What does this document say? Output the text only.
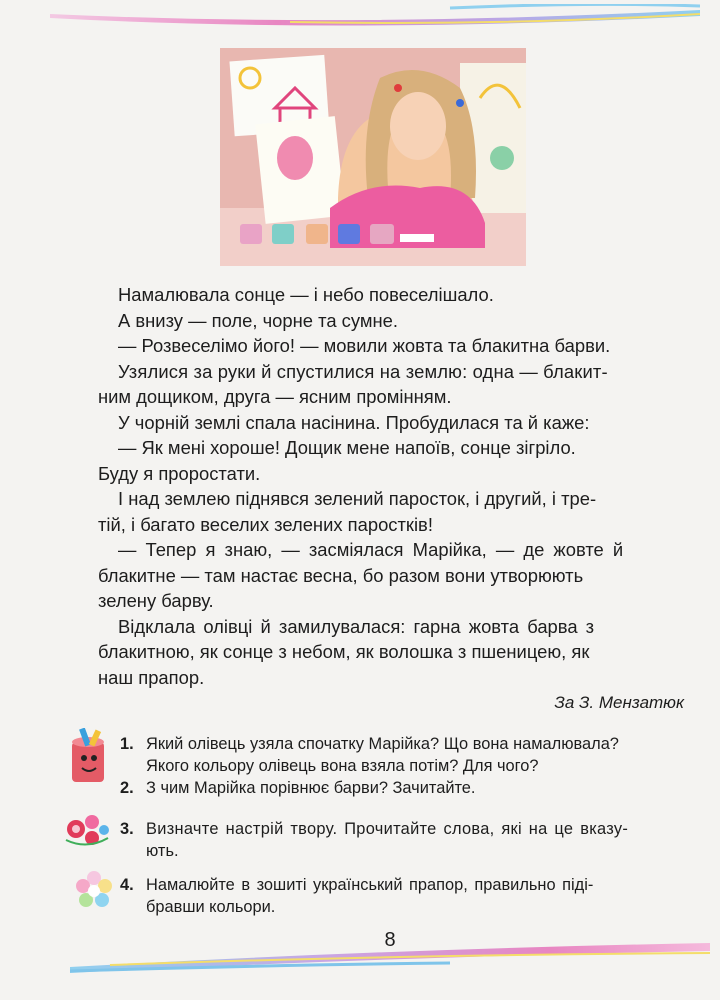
Намалювала сонце — і небо повеселішало.
А внизу — поле, чорне та сумне.
— Розвеселімо його! — мовили жовта та блакитна барви.
Узялися за руки й спустилися на землю: одна — блакит-
ним дощиком, друга — ясним промінням.
У чорній землі спала насінина. Пробудилася та й каже:
— Як мені хороше! Дощик мене напоїв, сонце зігріло.
Буду я проростати.
І над землею піднявся зелений паросток, і другий, і тре-
тій, і багато веселих зелених паростків!
— Тепер я знаю, — засміялася Марійка, — де жовте й
блакитне — там настає весна, бо разом вони утворюють
зелену барву.
Відклала олівці й замилувалася: гарна жовта барва з
блакитною, як сонце з небом, як волошка з пшеницею, як
наш прапор.
За З. Мензатюк
1. Який олівець узяла спочатку Марійка? Що вона намалювала?
Якого кольору олівець вона взяла потім? Для чого?
2. З чим Марійка порівнює барви? Зачитайте.
3. Визначте настрій твору. Прочитайте слова, які на це вказу-
ють.
4. Намалюйте в зошиті український прапор, правильно піді-
бравши кольори.
8
